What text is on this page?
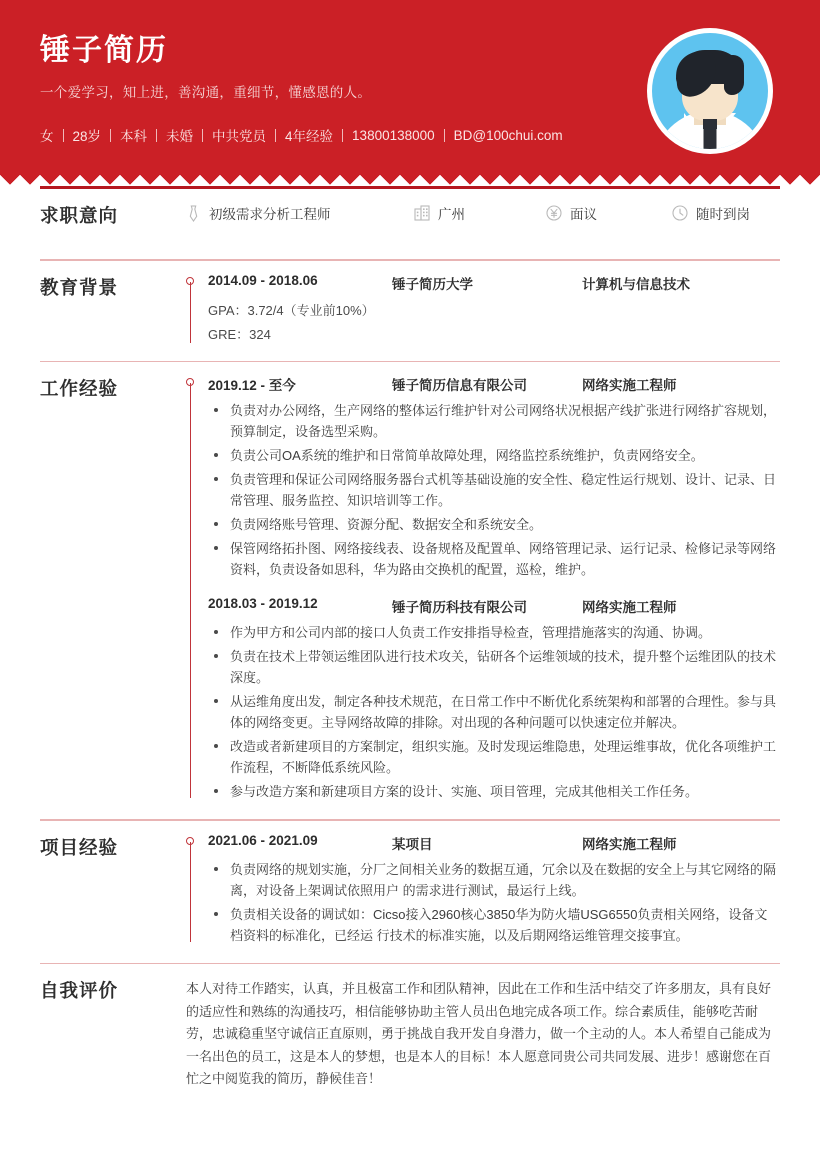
锤子简历
一个爱学习，知上进，善沟通，重细节，懂感恩的人。
女 28岁 本科 未婚 中共党员 4年经验 13800138000 BD@100chui.com
求职意向	初级需求分析工程师	广州	面议	随时到岗
教育背景	2014.09 - 2018.06	锤子简历大学	计算机与信息技术
GPA：3.72/4（专业前10%）
GRE：324
工作经验	2019.12 - 至今	锤子简历信息有限公司	网络实施工程师
负责对办公网络，生产网络的整体运行维护针对公司网络状况根据产线扩张进行网络扩容规划，预算制定，设备选型采购。
负责公司OA系统的维护和日常简单故障处理，网络监控系统维护，负责网络安全。
负责管理和保证公司网络服务器台式机等基础设施的安全性、稳定性运行规划、设计、记录、日常管理、服务监控、知识培训等工作。
负责网络账号管理、资源分配、数据安全和系统安全。
保管网络拓扑图、网络接线表、设备规格及配置单、网络管理记录、运行记录、检修记录等网络资料，负责设备如思科，华为路由交换机的配置，巡检，维护。
2018.03 - 2019.12	锤子简历科技有限公司	网络实施工程师
作为甲方和公司内部的接口人负责工作安排指导检查，管理措施落实的沟通、协调。
负责在技术上带领运维团队进行技术攻关，钻研各个运维领域的技术，提升整个运维团队的技术深度。
从运维角度出发，制定各种技术规范，在日常工作中不断优化系统架构和部署的合理性。参与具体的网络变更。主导网络故障的排除。对出现的各种问题可以快速定位并解决。
改造或者新建项目的方案制定，组织实施。及时发现运维隐患，处理运维事故，优化各项维护工作流程，不断降低系统风险。
参与改造方案和新建项目方案的设计、实施、项目管理，完成其他相关工作任务。
项目经验	2021.06 - 2021.09	某项目	网络实施工程师
负责网络的规划实施，分厂之间相关业务的数据互通，冗余以及在数据的安全上与其它网络的隔离，对设备上架调试依照用户 的需求进行测试，最运行上线。
负责相关设备的调试如：Cicso接入2960核心3850华为防火墙USG6550负责相关网络，设备文档资料的标准化，已经运 行技术的标准实施，以及后期网络运维管理交接事宜。
自我评价	本人对待工作踏实，认真，并且极富工作和团队精神，因此在工作和生活中结交了许多朋友，具有良好的适应性和熟练的沟通技巧，相信能够协助主管人员出色地完成各项工作。综合素质佳，能够吃苦耐劳，忠诚稳重坚守诚信正直原则，勇于挑战自我开发自身潜力，做一个主动的人。本人希望自己能成为一名出色的员工，这是本人的梦想，也是本人的目标！本人愿意同贵公司共同发展、进步！感谢您在百忙之中阅览我的简历，静候佳音！
